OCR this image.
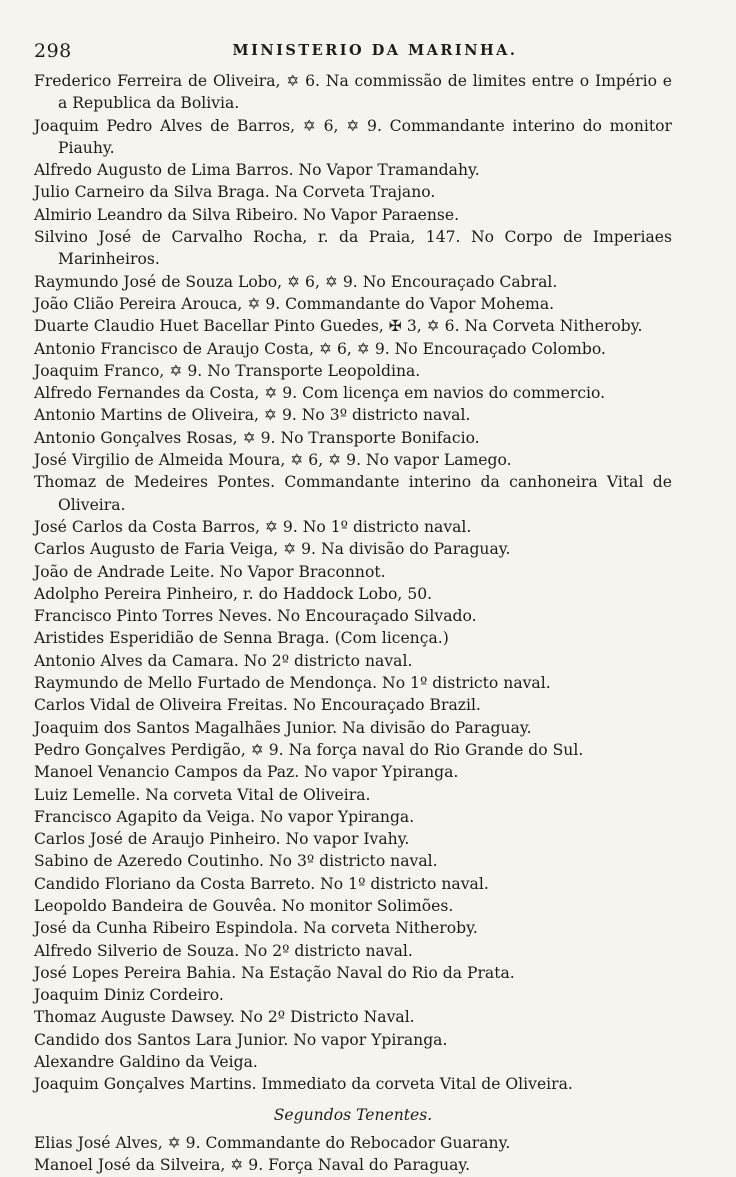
298	MINISTERIO DA MARINHA.
Frederico Ferreira de Oliveira, ✡ 6. Na commissão de limites entre o Império e a Republica da Bolivia.
Joaquim Pedro Alves de Barros, ✡ 6, ✡ 9. Commandante interino do monitor Piauhy.
Alfredo Augusto de Lima Barros. No Vapor Tramandahy.
Julio Carneiro da Silva Braga. Na Corveta Trajano.
Almirio Leandro da Silva Ribeiro. No Vapor Paraense.
Silvino José de Carvalho Rocha, r. da Praia, 147. No Corpo de Imperiaes Marinheiros.
Raymundo José de Souza Lobo, ✡ 6, ✡ 9. No Encouraçado Cabral.
João Clião Pereira Arouca, ✡ 9. Commandante do Vapor Mohema.
Duarte Claudio Huet Bacellar Pinto Guedes, ✠ 3, ✡ 6. Na Corveta Nitheroby.
Antonio Francisco de Araujo Costa, ✡ 6, ✡ 9. No Encouraçado Colombo.
Joaquim Franco, ✡ 9. No Transporte Leopoldina.
Alfredo Fernandes da Costa, ✡ 9. Com licença em navios do commercio.
Antonio Martins de Oliveira, ✡ 9. No 3º districto naval.
Antonio Gonçalves Rosas, ✡ 9. No Transporte Bonifacio.
José Virgilio de Almeida Moura, ✡ 6, ✡ 9. No vapor Lamego.
Thomaz de Medeires Pontes. Commandante interino da canhoneira Vital de Oliveira.
José Carlos da Costa Barros, ✡ 9. No 1º districto naval.
Carlos Augusto de Faria Veiga, ✡ 9. Na divisão do Paraguay.
João de Andrade Leite. No Vapor Braconnot.
Adolpho Pereira Pinheiro, r. do Haddock Lobo, 50.
Francisco Pinto Torres Neves. No Encouraçado Silvado.
Aristides Esperidião de Senna Braga. (Com licença.)
Antonio Alves da Camara. No 2º districto naval.
Raymundo de Mello Furtado de Mendonça. No 1º districto naval.
Carlos Vidal de Oliveira Freitas. No Encouraçado Brazil.
Joaquim dos Santos Magalhães Junior. Na divisão do Paraguay.
Pedro Gonçalves Perdigão, ✡ 9. Na força naval do Rio Grande do Sul.
Manoel Venancio Campos da Paz. No vapor Ypiranga.
Luiz Lemelle. Na corveta Vital de Oliveira.
Francisco Agapito da Veiga. No vapor Ypiranga.
Carlos José de Araujo Pinheiro. No vapor Ivahy.
Sabino de Azeredo Coutinho. No 3º districto naval.
Candido Floriano da Costa Barreto. No 1º districto naval.
Leopoldo Bandeira de Gouvêa. No monitor Solimões.
José da Cunha Ribeiro Espindola. Na corveta Nitheroby.
Alfredo Silverio de Souza. No 2º districto naval.
José Lopes Pereira Bahia. Na Estação Naval do Rio da Prata.
Joaquim Diniz Cordeiro.
Thomaz Auguste Dawsey. No 2º Districto Naval.
Candido dos Santos Lara Junior. No vapor Ypiranga.
Alexandre Galdino da Veiga.
Joaquim Gonçalves Martins. Immediato da corveta Vital de Oliveira.
Segundos Tenentes.
Elias José Alves, ✡ 9. Commandante do Rebocador Guarany.
Manoel José da Silveira, ✡ 9. Força Naval do Paraguay.
